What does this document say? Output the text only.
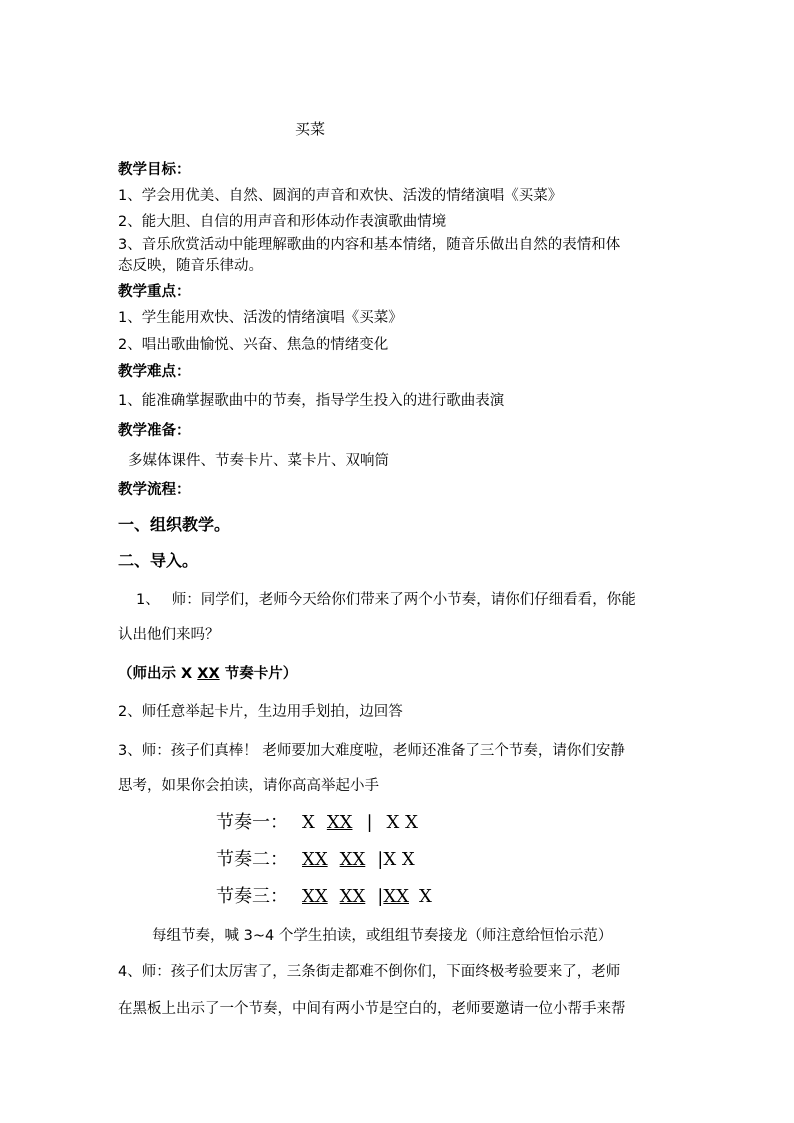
买菜
教学目标：
1、学会用优美、自然、圆润的声音和欢快、活泼的情绪演唱《买菜》
2、能大胆、自信的用声音和形体动作表演歌曲情境
3、音乐欣赏活动中能理解歌曲的内容和基本情绪，随音乐做出自然的表情和体
态反映，随音乐律动。
教学重点：
1、学生能用欢快、活泼的情绪演唱《买菜》
2、唱出歌曲愉悦、兴奋、焦急的情绪变化
教学难点：
1、能准确掌握歌曲中的节奏，指导学生投入的进行歌曲表演
教学准备：
多媒体课件、节奏卡片、菜卡片、双响筒
教学流程：
一、组织教学。
二、导入。
1、 师：同学们，老师今天给你们带来了两个小节奏，请你们仔细看看，你能
认出他们来吗？
（师出示 X XX 节奏卡片）
2、师任意举起卡片，生边用手划拍，边回答
3、师：孩子们真棒！ 老师要加大难度啦，老师还准备了三个节奏，请你们安静
思考，如果你会拍读，请你高高举起小手
节奏一： X XX | X X
节奏二： XX XX |X X
节奏三： XX XX |XX X
每组节奏，喊 3~4 个学生拍读，或组组节奏接龙（师注意给恒怡示范）
4、师：孩子们太厉害了，三条街走都难不倒你们，下面终极考验要来了，老师
在黑板上出示了一个节奏，中间有两小节是空白的，老师要邀请一位小帮手来帮
